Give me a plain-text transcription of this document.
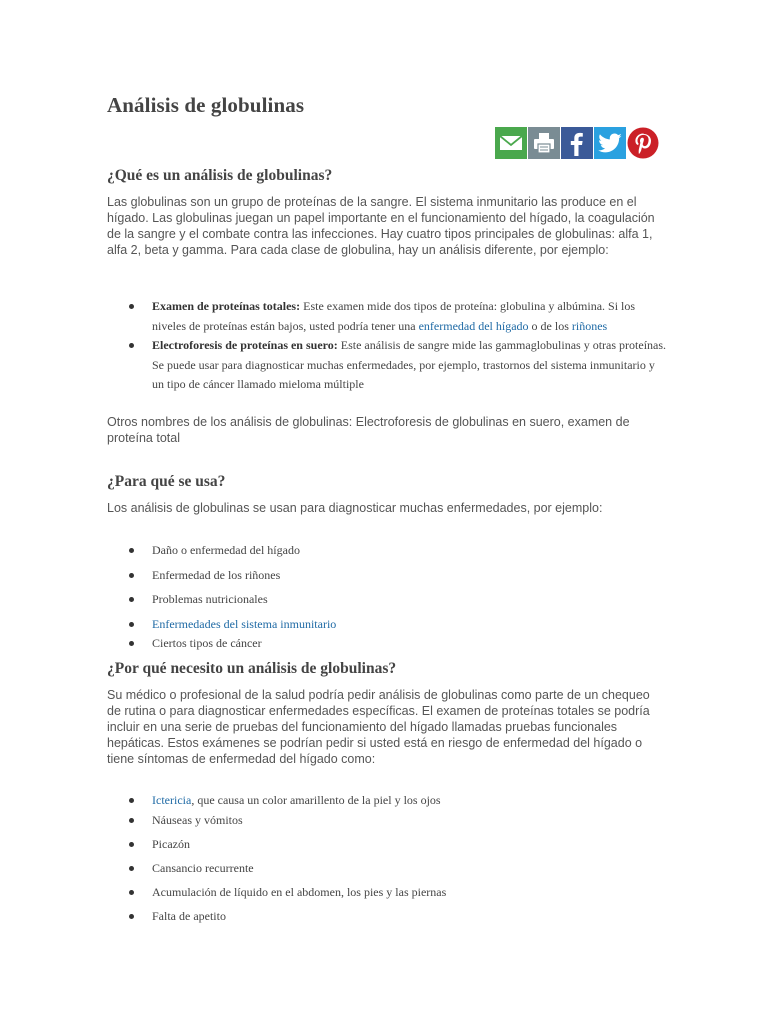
Análisis de globulinas
¿Qué es un análisis de globulinas?
Las globulinas son un grupo de proteínas de la sangre. El sistema inmunitario las produce en el hígado. Las globulinas juegan un papel importante en el funcionamiento del hígado, la coagulación de la sangre y el combate contra las infecciones. Hay cuatro tipos principales de globulinas: alfa 1, alfa 2, beta y gamma. Para cada clase de globulina, hay un análisis diferente, por ejemplo:
Examen de proteínas totales: Este examen mide dos tipos de proteína: globulina y albúmina. Si los niveles de proteínas están bajos, usted podría tener una enfermedad del hígado o de los riñones
Electroforesis de proteínas en suero: Este análisis de sangre mide las gammaglobulinas y otras proteínas. Se puede usar para diagnosticar muchas enfermedades, por ejemplo, trastornos del sistema inmunitario y un tipo de cáncer llamado mieloma múltiple
Otros nombres de los análisis de globulinas: Electroforesis de globulinas en suero, examen de proteína total
¿Para qué se usa?
Los análisis de globulinas se usan para diagnosticar muchas enfermedades, por ejemplo:
Daño o enfermedad del hígado
Enfermedad de los riñones
Problemas nutricionales
Enfermedades del sistema inmunitario
Ciertos tipos de cáncer
¿Por qué necesito un análisis de globulinas?
Su médico o profesional de la salud podría pedir análisis de globulinas como parte de un chequeo de rutina o para diagnosticar enfermedades específicas. El examen de proteínas totales se podría incluir en una serie de pruebas del funcionamiento del hígado llamadas pruebas funcionales hepáticas. Estos exámenes se podrían pedir si usted está en riesgo de enfermedad del hígado o tiene síntomas de enfermedad del hígado como:
Ictericia, que causa un color amarillento de la piel y los ojos
Náuseas y vómitos
Picazón
Cansancio recurrente
Acumulación de líquido en el abdomen, los pies y las piernas
Falta de apetito
